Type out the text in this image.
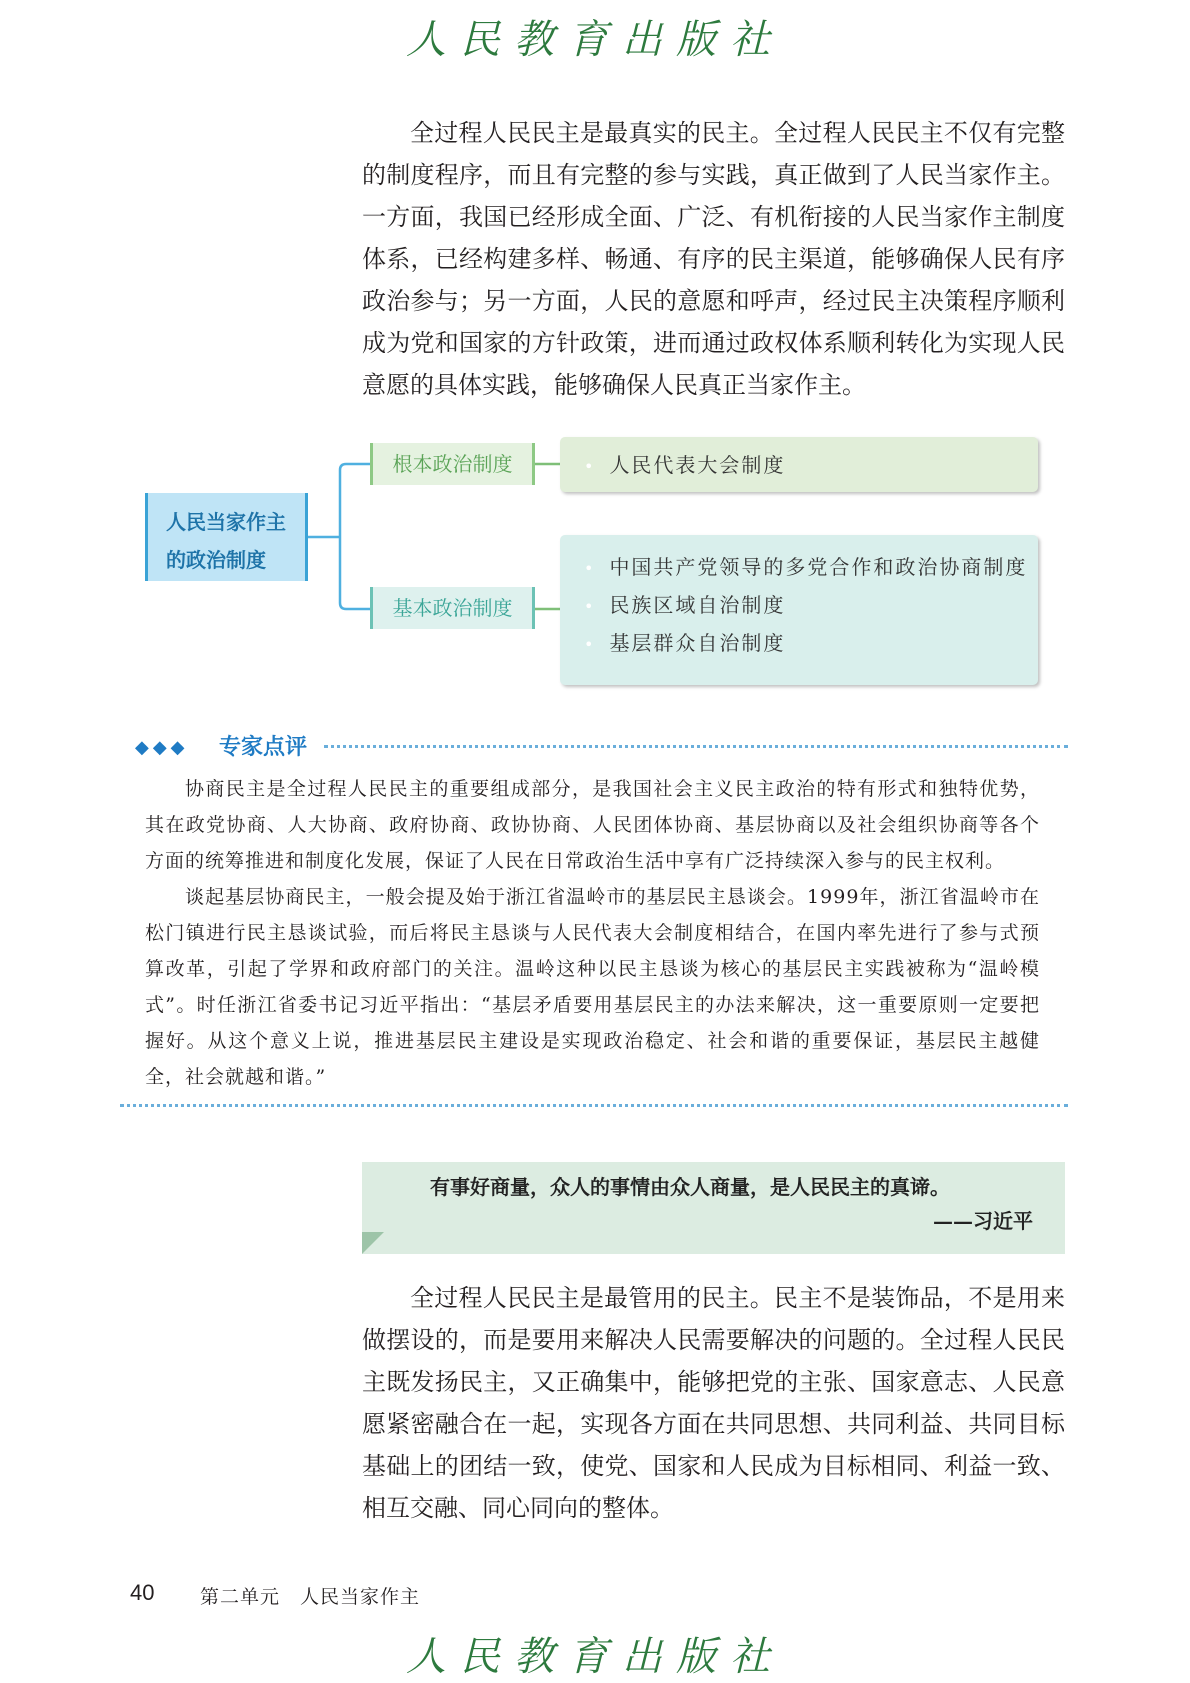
人民教育出版社

全过程人民民主是最真实的民主。全过程人民民主不仅有完整的制度程序，而且有完整的参与实践，真正做到了人民当家作主。一方面，我国已经形成全面、广泛、有机衔接的人民当家作主制度体系，已经构建多样、畅通、有序的民主渠道，能够确保人民有序政治参与；另一方面，人民的意愿和呼声，经过民主决策程序顺利成为党和国家的方针政策，进而通过政权体系顺利转化为实现人民意愿的具体实践，能够确保人民真正当家作主。

人民当家作主
的政治制度
根本政治制度
基本政治制度
• 人民代表大会制度
• 中国共产党领导的多党合作和政治协商制度
• 民族区域自治制度
• 基层群众自治制度
◆◆◆ 专家点评

协商民主是全过程人民民主的重要组成部分，是我国社会主义民主政治的特有形式和独特优势，其在政党协商、人大协商、政府协商、政协协商、人民团体协商、基层协商以及社会组织协商等各个方面的统筹推进和制度化发展，保证了人民在日常政治生活中享有广泛持续深入参与的民主权利。

谈起基层协商民主，一般会提及始于浙江省温岭市的基层民主恳谈会。1999年，浙江省温岭市在松门镇进行民主恳谈试验，而后将民主恳谈与人民代表大会制度相结合，在国内率先进行了参与式预算改革，引起了学界和政府部门的关注。温岭这种以民主恳谈为核心的基层民主实践被称为“温岭模式”。时任浙江省委书记习近平指出：“基层矛盾要用基层民主的办法来解决，这一重要原则一定要把握好。从这个意义上说，推进基层民主建设是实现政治稳定、社会和谐的重要保证，基层民主越健全，社会就越和谐。”

有事好商量，众人的事情由众人商量，是人民民主的真谛。
——习近平

全过程人民民主是最管用的民主。民主不是装饰品，不是用来做摆设的，而是要用来解决人民需要解决的问题的。全过程人民民主既发扬民主，又正确集中，能够把党的主张、国家意志、人民意愿紧密融合在一起，实现各方面在共同思想、共同利益、共同目标基础上的团结一致，使党、国家和人民成为目标相同、利益一致、相互交融、同心同向的整体。

40 第二单元　人民当家作主
人民教育出版社
